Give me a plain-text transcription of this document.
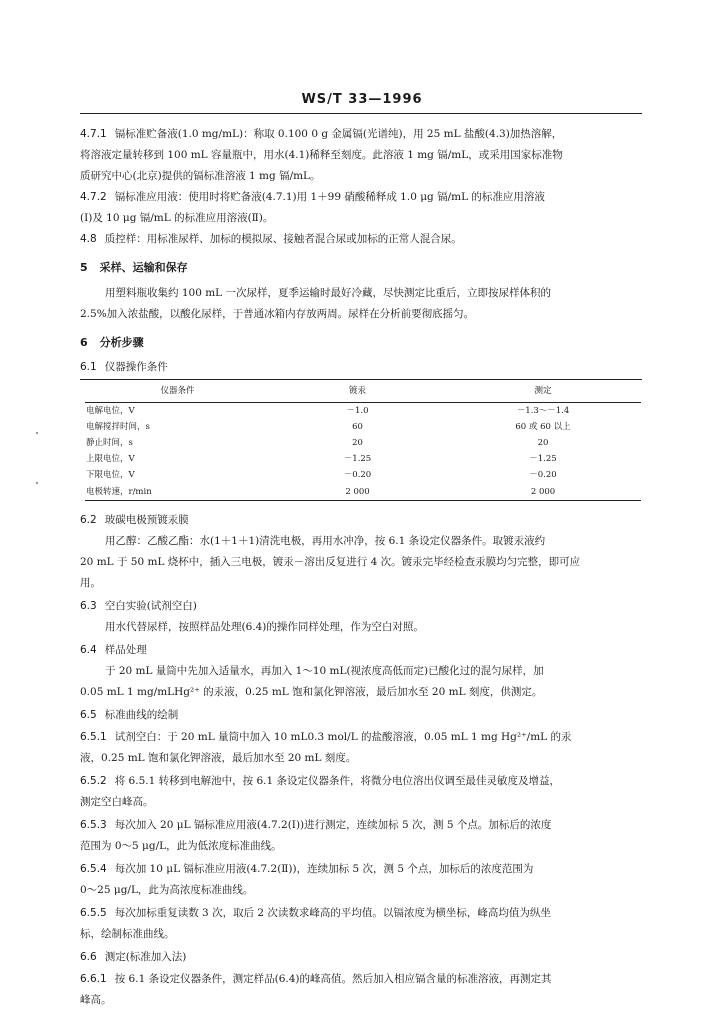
WS/T 33—1996
4.7.1 镉标准贮备液(1.0 mg/mL)：称取 0.100 0 g 金属镉(光谱纯)，用 25 mL 盐酸(4.3)加热溶解，
将溶液定量转移到 100 mL 容量瓶中，用水(4.1)稀释至刻度。此溶液 1 mg 镉/mL，或采用国家标准物
质研究中心(北京)提供的镉标准溶液 1 mg 镉/mL。
4.7.2 镉标准应用液：使用时将贮备液(4.7.1)用 1＋99 硝酸稀释成 1.0 μg 镉/mL 的标准应用溶液
(Ⅰ)及 10 μg 镉/mL 的标准应用溶液(Ⅱ)。
4.8 质控样：用标准尿样、加标的模拟尿、接触者混合尿或加标的正常人混合尿。
5 采样、运输和保存
用塑料瓶收集约 100 mL 一次尿样，夏季运输时最好冷藏，尽快测定比重后，立即按尿样体积的
2.5%加入浓盐酸，以酸化尿样，于普通冰箱内存放两周。尿样在分析前要彻底摇匀。
6 分析步骤
6.1 仪器操作条件
仪器条件	镀汞	测定
电解电位，V	－1.0	－1.3～－1.4
电解搅拌时间，s	60	60 或 60 以上
静止时间，s	20	20
上限电位，V	－1.25	－1.25
下限电位，V	－0.20	－0.20
电极转速，r/min	2 000	2 000
6.2 玻碳电极预镀汞膜
用乙醇：乙酸乙酯：水(1＋1＋1)清洗电极，再用水冲净，按 6.1 条设定仪器条件。取镀汞液约
20 mL 于 50 mL 烧杯中，插入三电极，镀汞－溶出反复进行 4 次。镀汞完毕经检查汞膜均匀完整，即可应
用。
6.3 空白实验(试剂空白)
用水代替尿样，按照样品处理(6.4)的操作同样处理，作为空白对照。
6.4 样品处理
于 20 mL 量筒中先加入适量水，再加入 1～10 mL(视浓度高低而定)已酸化过的混匀尿样，加
0.05 mL 1 mg/mLHg²⁺ 的汞液，0.25 mL 饱和氯化钾溶液，最后加水至 20 mL 刻度，供测定。
6.5 标准曲线的绘制
6.5.1 试剂空白：于 20 mL 量筒中加入 10 mL0.3 mol/L 的盐酸溶液，0.05 mL 1 mg Hg²⁺/mL 的汞
液，0.25 mL 饱和氯化钾溶液，最后加水至 20 mL 刻度。
6.5.2 将 6.5.1 转移到电解池中，按 6.1 条设定仪器条件，将微分电位溶出仪调至最佳灵敏度及增益，
测定空白峰高。
6.5.3 每次加入 20 μL 镉标准应用液(4.7.2(Ⅰ))进行测定，连续加标 5 次，测 5 个点。加标后的浓度
范围为 0～5 μg/L，此为低浓度标准曲线。
6.5.4 每次加 10 μL 镉标准应用液(4.7.2(Ⅱ))，连续加标 5 次，测 5 个点，加标后的浓度范围为
0～25 μg/L，此为高浓度标准曲线。
6.5.5 每次加标重复读数 3 次，取后 2 次读数求峰高的平均值。以镉浓度为横坐标，峰高均值为纵坐
标，绘制标准曲线。
6.6 测定(标准加入法)
6.6.1 按 6.1 条设定仪器条件，测定样品(6.4)的峰高值。然后加入相应镉含量的标准溶液，再测定其
峰高。
